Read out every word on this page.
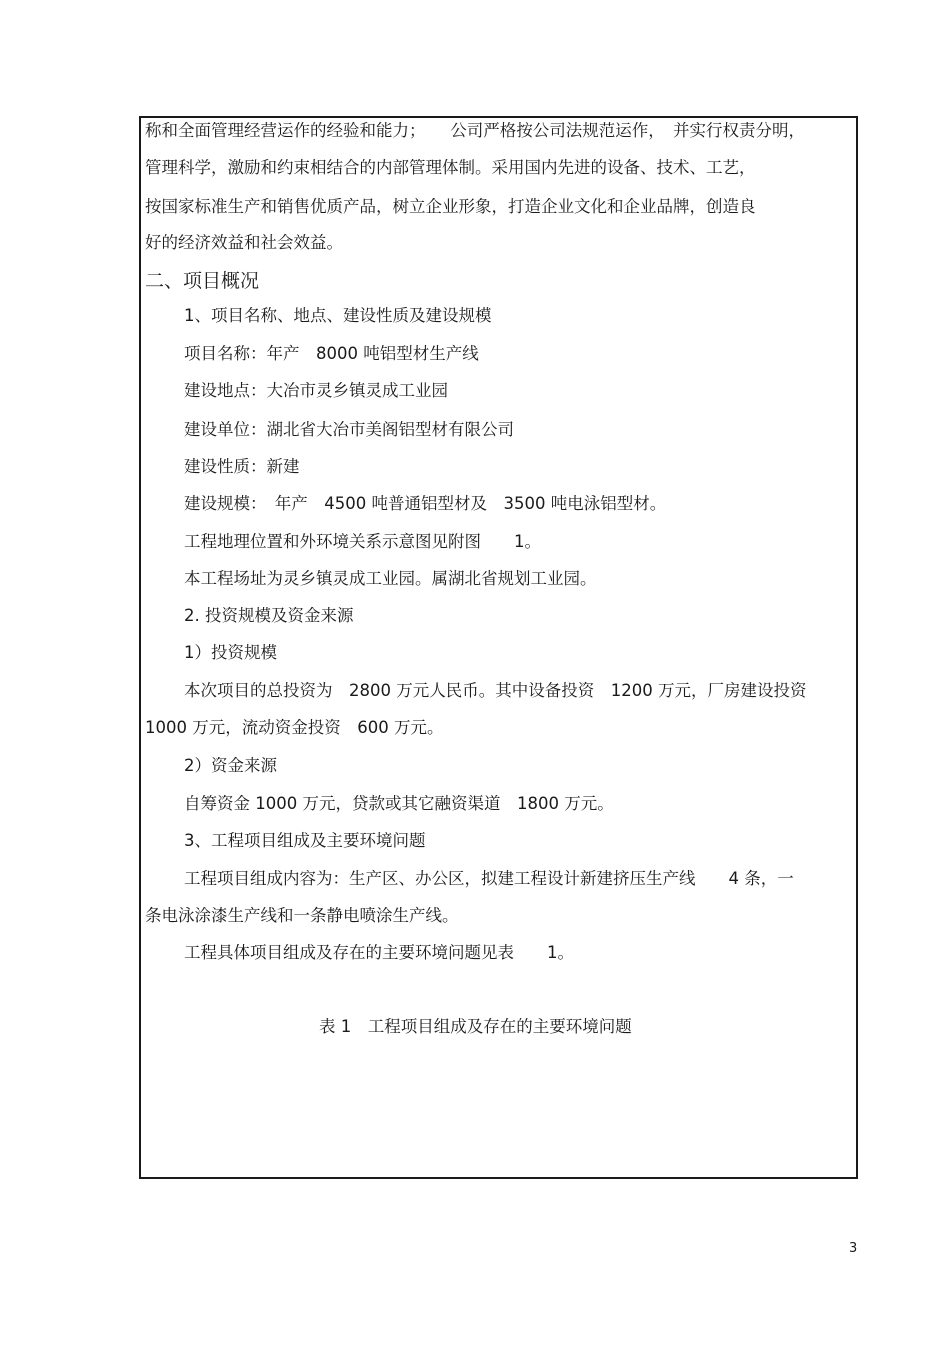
称和全面管理经营运作的经验和能力；　　公司严格按公司法规范运作，　并实行权责分明，
管理科学，激励和约束相结合的内部管理体制。采用国内先进的设备、技术、工艺，
按国家标准生产和销售优质产品，树立企业形象，打造企业文化和企业品牌，创造良
好的经济效益和社会效益。
二、项目概况
1、项目名称、地点、建设性质及建设规模
项目名称：年产　8000 吨铝型材生产线
建设地点：大冶市灵乡镇灵成工业园
建设单位：湖北省大冶市美阁铝型材有限公司
建设性质：新建
建设规模：　年产　4500 吨普通铝型材及　3500 吨电泳铝型材。
工程地理位置和外环境关系示意图见附图　　1。
本工程场址为灵乡镇灵成工业园。属湖北省规划工业园。
2. 投资规模及资金来源
1）投资规模
本次项目的总投资为　2800 万元人民币。其中设备投资　1200 万元，厂房建设投资
1000 万元，流动资金投资　600 万元。
2）资金来源
自筹资金 1000 万元，贷款或其它融资渠道　1800 万元。
3、工程项目组成及主要环境问题
工程项目组成内容为：生产区、办公区，拟建工程设计新建挤压生产线　　4 条，一
条电泳涂漆生产线和一条静电喷涂生产线。
工程具体项目组成及存在的主要环境问题见表　　1。
表 1　工程项目组成及存在的主要环境问题
3
